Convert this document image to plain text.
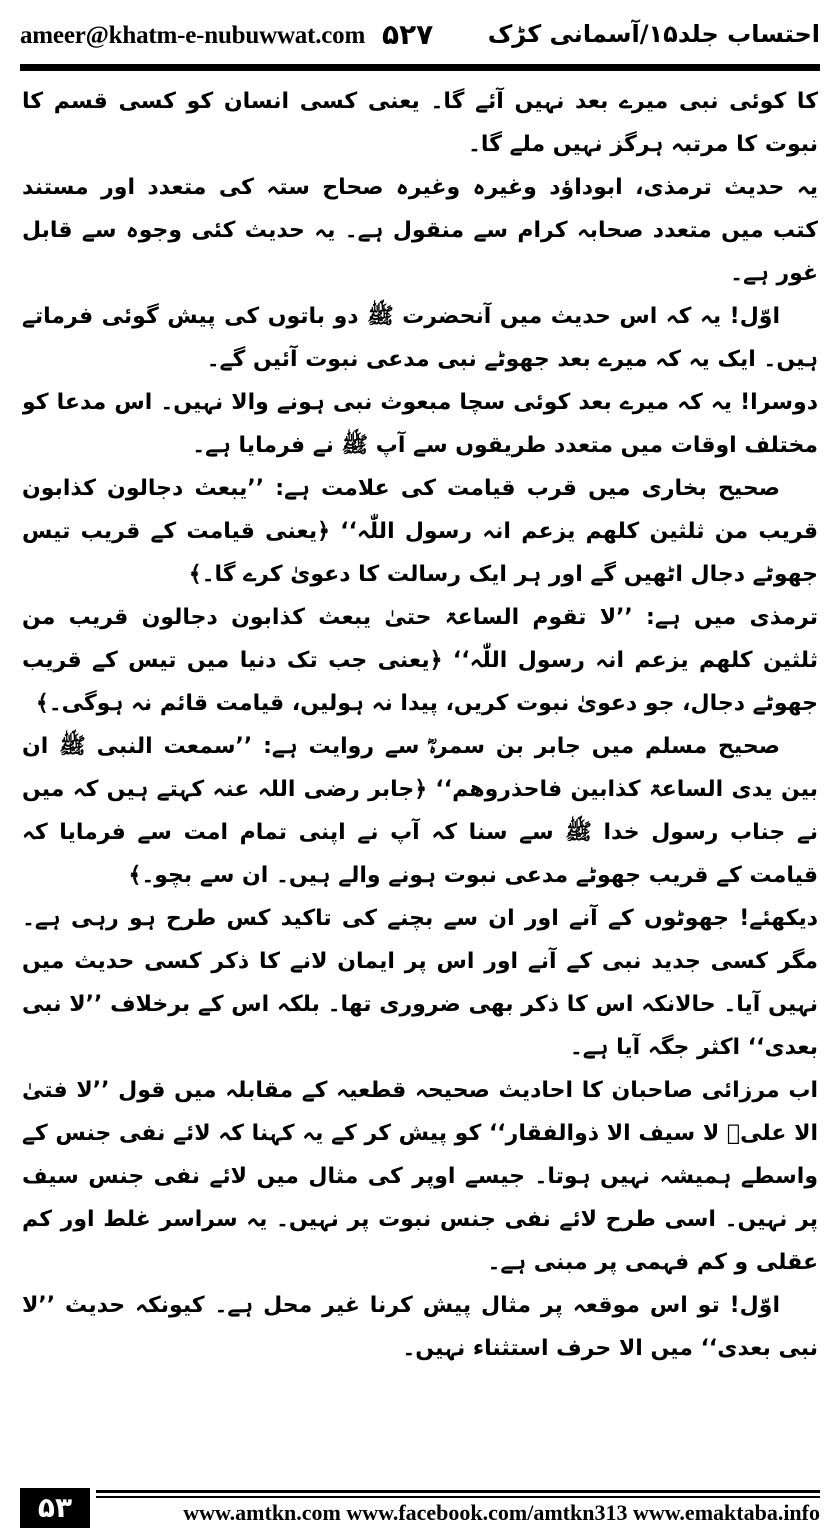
ameer@khatm-e-nubuwwat.com ۵۲۷ احتساب جلد۱۵/آسمانی کڑک

کا کوئی نبی میرے بعد نہیں آئے گا۔ یعنی کسی انسان کو کسی قسم کا نبوت کا مرتبہ ہرگز نہیں ملے گا۔

یہ حدیث ترمذی، ابوداؤد وغیرہ وغیرہ صحاح ستہ کی متعدد اور مستند کتب میں متعدد صحابہ کرام سے منقول ہے۔ یہ حدیث کئی وجوہ سے قابل غور ہے۔

اوّل! یہ کہ اس حدیث میں آنحضرت ﷺ دو باتوں کی پیش گوئی فرماتے ہیں۔ ایک یہ کہ میرے بعد جھوٹے نبی مدعی نبوت آئیں گے۔

دوسرا! یہ کہ میرے بعد کوئی سچا مبعوث نبی ہونے والا نہیں۔ اس مدعا کو مختلف اوقات میں متعدد طریقوں سے آپ ﷺ نے فرمایا ہے۔

صحیح بخاری میں قرب قیامت کی علامت ہے: ’’یبعث دجالون کذابون قریب من ثلثین کلھم یزعم انہ رسول اللّٰہ‘‘ ﴿یعنی قیامت کے قریب تیس جھوٹے دجال اٹھیں گے اور ہر ایک رسالت کا دعویٰ کرے گا۔﴾

ترمذی میں ہے: ’’لا تقوم الساعۃ حتیٰ یبعث کذابون دجالون قریب من ثلثین کلھم یزعم انہ رسول اللّٰہ‘‘ ﴿یعنی جب تک دنیا میں تیس کے قریب جھوٹے دجال، جو دعویٰ نبوت کریں، پیدا نہ ہولیں، قیامت قائم نہ ہوگی۔﴾

صحیح مسلم میں جابر بن سمرہؓ سے روایت ہے: ’’سمعت النبی ﷺ ان بین یدی الساعۃ کذابین فاحذروھم‘‘ ﴿جابر رضی اللہ عنہ کہتے ہیں کہ میں نے جناب رسول خدا ﷺ سے سنا کہ آپ نے اپنی تمام امت سے فرمایا کہ قیامت کے قریب جھوٹے مدعی نبوت ہونے والے ہیں۔ ان سے بچو۔﴾

دیکھئے! جھوٹوں کے آنے اور ان سے بچنے کی تاکید کس طرح ہو رہی ہے۔ مگر کسی جدید نبی کے آنے اور اس پر ایمان لانے کا ذکر کسی حدیث میں نہیں آیا۔ حالانکہ اس کا ذکر بھی ضروری تھا۔ بلکہ اس کے برخلاف ’’لا نبی بعدی‘‘ اکثر جگہ آیا ہے۔

اب مرزائی صاحبان کا احادیث صحیحہ قطعیہ کے مقابلہ میں قول ’’لا فتیٰ الا علیؓ لا سیف الا ذوالفقار‘‘ کو پیش کر کے یہ کہنا کہ لائے نفی جنس کے واسطے ہمیشہ نہیں ہوتا۔ جیسے اوپر کی مثال میں لائے نفی جنس سیف پر نہیں۔ اسی طرح لائے نفی جنس نبوت پر نہیں۔ یہ سراسر غلط اور کم عقلی و کم فہمی پر مبنی ہے۔

اوّل! تو اس موقعہ پر مثال پیش کرنا غیر محل ہے۔ کیونکہ حدیث ’’لا نبی بعدی‘‘ میں الا حرف استثناء نہیں۔

۵۳	www.amtkn.com www.facebook.com/amtkn313 www.emaktaba.info
